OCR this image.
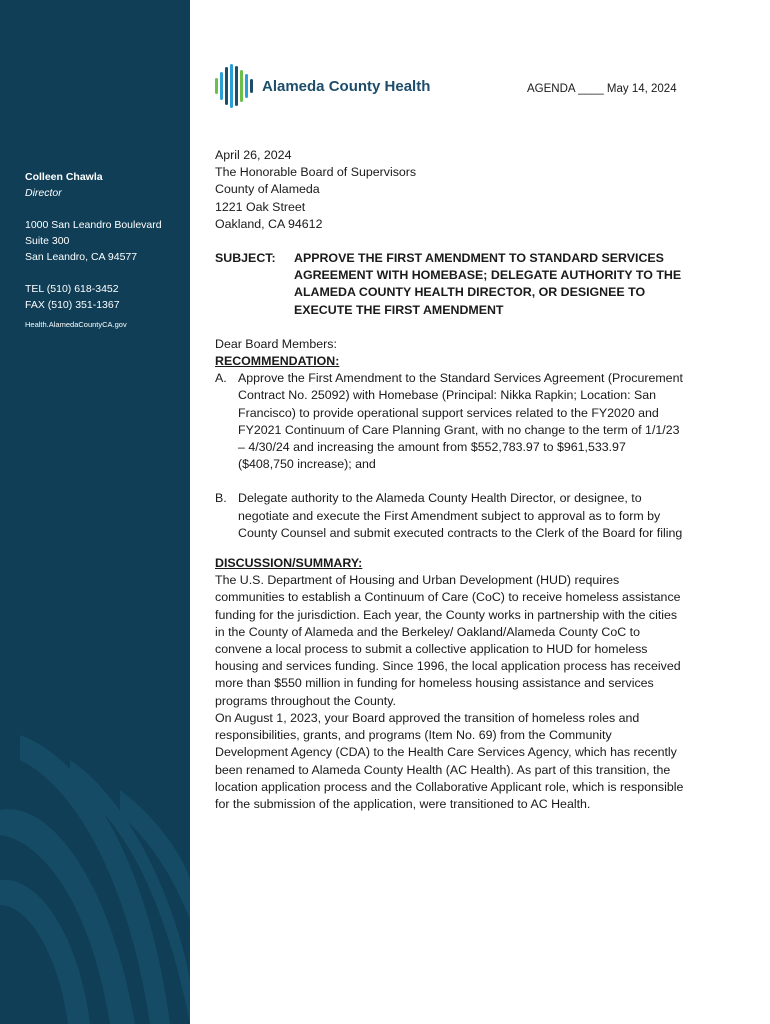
Colleen Chawla
Director
1000 San Leandro Boulevard
Suite 300
San Leandro, CA 94577
TEL (510) 618-3452
FAX (510) 351-1367
Health.AlamedaCountyCA.gov
Alameda County Health	AGENDA ____ May 14, 2024

April 26, 2024

The Honorable Board of Supervisors

County of Alameda

1221 Oak Street

Oakland, CA 94612

SUBJECT:	APPROVE THE FIRST AMENDMENT TO STANDARD SERVICES AGREEMENT WITH HOMEBASE; DELEGATE AUTHORITY TO THE ALAMEDA COUNTY HEALTH DIRECTOR, OR DESIGNEE TO EXECUTE THE FIRST AMENDMENT

Dear Board Members:

RECOMMENDATION:

A. Approve the First Amendment to the Standard Services Agreement (Procurement Contract No. 25092) with Homebase (Principal: Nikka Rapkin; Location: San Francisco) to provide operational support services related to the FY2020 and FY2021 Continuum of Care Planning Grant, with no change to the term of 1/1/23 – 4/30/24 and increasing the amount from $552,783.97 to $961,533.97 ($408,750 increase); and
B. Delegate authority to the Alameda County Health Director, or designee, to negotiate and execute the First Amendment subject to approval as to form by County Counsel and submit executed contracts to the Clerk of the Board for filing

DISCUSSION/SUMMARY:

The U.S. Department of Housing and Urban Development (HUD) requires communities to establish a Continuum of Care (CoC) to receive homeless assistance funding for the jurisdiction. Each year, the County works in partnership with the cities in the County of Alameda and the Berkeley/ Oakland/Alameda County CoC to convene a local process to submit a collective application to HUD for homeless housing and services funding. Since 1996, the local application process has received more than $550 million in funding for homeless housing assistance and services programs throughout the County.

On August 1, 2023, your Board approved the transition of homeless roles and responsibilities, grants, and programs (Item No. 69) from the Community Development Agency (CDA) to the Health Care Services Agency, which has recently been renamed to Alameda County Health (AC Health). As part of this transition, the location application process and the Collaborative Applicant role, which is responsible for the submission of the application, were transitioned to AC Health.
